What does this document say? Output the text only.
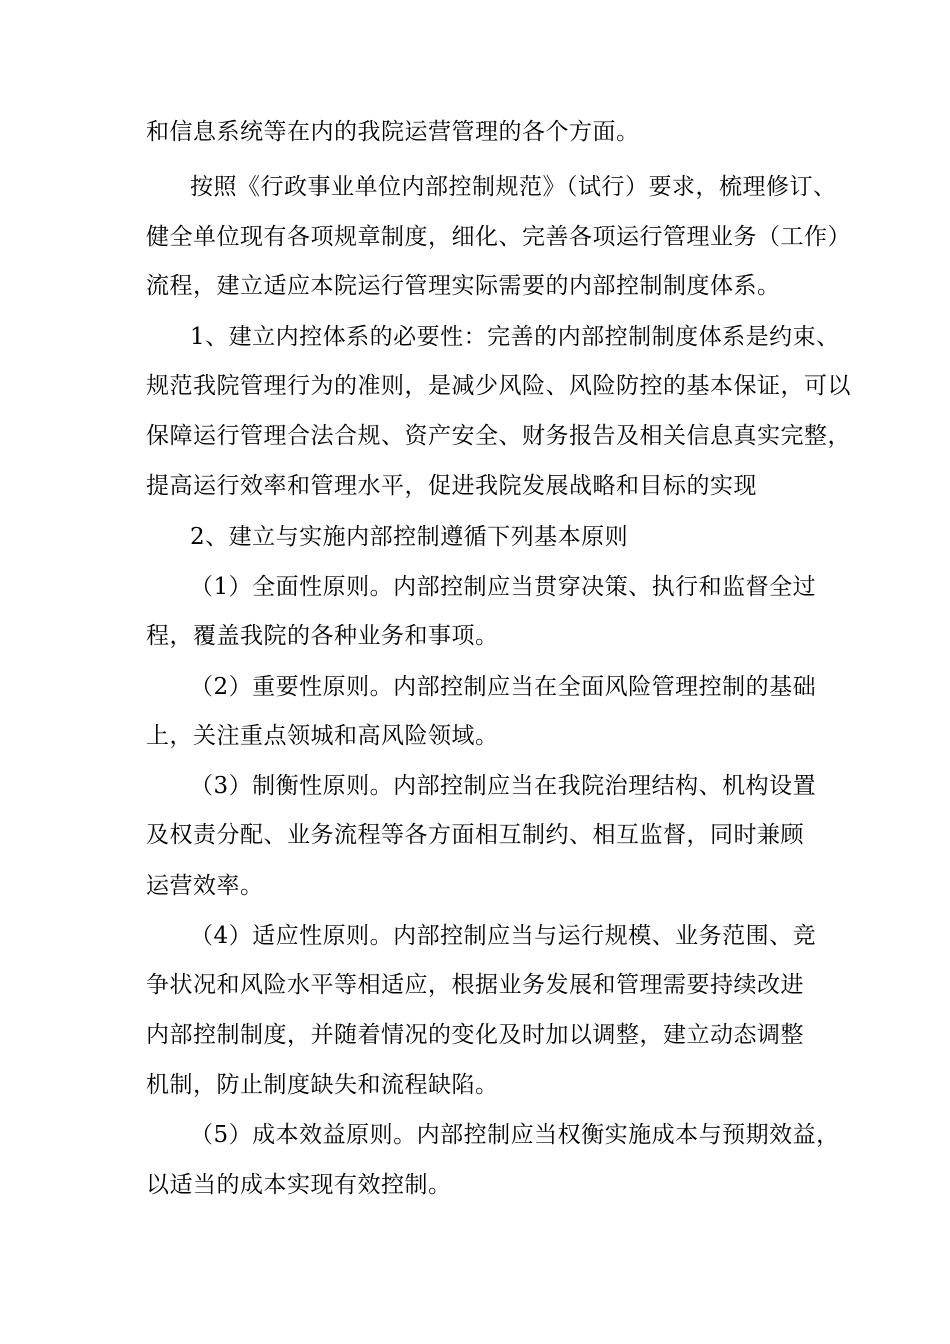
和信息系统等在内的我院运营管理的各个方面。
按照《行政事业单位内部控制规范》（试行）要求，梳理修订、
健全单位现有各项规章制度，细化、完善各项运行管理业务（工作）
流程，建立适应本院运行管理实际需要的内部控制制度体系。
1、建立内控体系的必要性：完善的内部控制制度体系是约束、
规范我院管理行为的准则，是减少风险、风险防控的基本保证，可以
保障运行管理合法合规、资产安全、财务报告及相关信息真实完整，
提高运行效率和管理水平，促进我院发展战略和目标的实现
2、建立与实施内部控制遵循下列基本原则
（1）全面性原则。内部控制应当贯穿决策、执行和监督全过
程，覆盖我院的各种业务和事项。
（2）重要性原则。内部控制应当在全面风险管理控制的基础
上，关注重点领城和高风险领域。
（3）制衡性原则。内部控制应当在我院治理结构、机构设置
及权责分配、业务流程等各方面相互制约、相互监督，同时兼顾
运营效率。
（4）适应性原则。内部控制应当与运行规模、业务范围、竞
争状况和风险水平等相适应，根据业务发展和管理需要持续改进
内部控制制度，并随着情况的变化及时加以调整，建立动态调整
机制，防止制度缺失和流程缺陷。
（5）成本效益原则。内部控制应当权衡实施成本与预期效益，
以适当的成本实现有效控制。
